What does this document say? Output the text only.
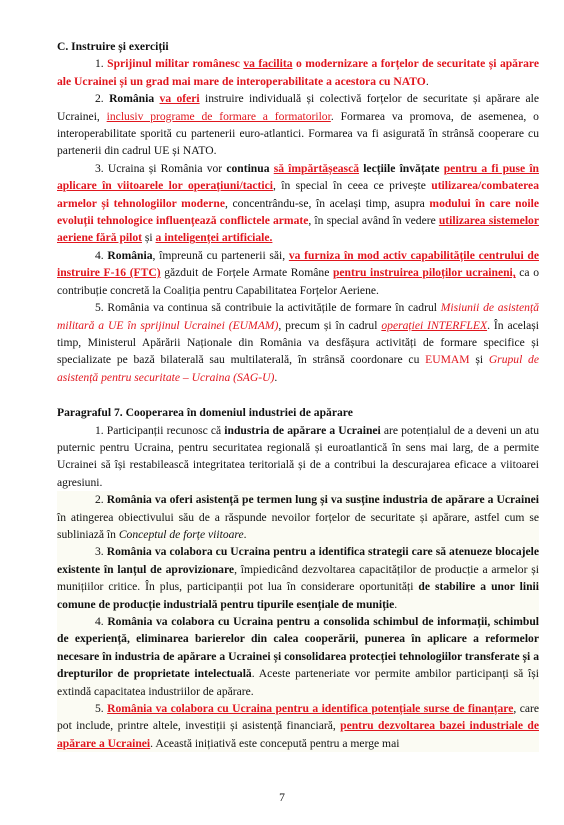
C. Instruire și exerciții

1. Sprijinul militar românesc va facilita o modernizare a forțelor de securitate și apărare ale Ucrainei și un grad mai mare de interoperabilitate a acestora cu NATO.

2. România va oferi instruire individuală și colectivă forțelor de securitate și apărare ale Ucrainei, inclusiv programe de formare a formatorilor. Formarea va promova, de asemenea, o interoperabilitate sporită cu partenerii euro-atlantici. Formarea va fi asigurată în strânsă cooperare cu partenerii din cadrul UE și NATO.

3. Ucraina și România vor continua să împărtășească lecțiile învățate pentru a fi puse în aplicare în viitoarele lor operațiuni/tactici, în special în ceea ce privește utilizarea/combaterea armelor și tehnologiilor moderne, concentrându-se, în același timp, asupra modului în care noile evoluții tehnologice influențează conflictele armate, în special având în vedere utilizarea sistemelor aeriene fără pilot și a inteligenței artificiale.

4. România, împreună cu partenerii săi, va furniza în mod activ capabilitățile centrului de instruire F-16 (FTC) găzduit de Forțele Armate Române pentru instruirea piloților ucraineni, ca o contribuție concretă la Coaliția pentru Capabilitatea Forțelor Aeriene.

5. România va continua să contribuie la activitățile de formare în cadrul Misiunii de asistență militară a UE în sprijinul Ucrainei (EUMAM), precum și în cadrul operației INTERFLEX. În același timp, Ministerul Apărării Naționale din România va desfășura activități de formare specifice și specializate pe bază bilaterală sau multilaterală, în strânsă coordonare cu EUMAM și Grupul de asistență pentru securitate – Ucraina (SAG-U).

Paragraful 7. Cooperarea în domeniul industriei de apărare

1. Participanții recunosc că industria de apărare a Ucrainei are potențialul de a deveni un atu puternic pentru Ucraina, pentru securitatea regională și euroatlantică în sens mai larg, de a permite Ucrainei să își restabilească integritatea teritorială și de a contribui la descurajarea eficace a viitoarei agresiuni.

2. România va oferi asistență pe termen lung și va susține industria de apărare a Ucrainei în atingerea obiectivului său de a răspunde nevoilor forțelor de securitate și apărare, astfel cum se subliniază în Conceptul de forțe viitoare.

3. România va colabora cu Ucraina pentru a identifica strategii care să atenueze blocajele existente în lanțul de aprovizionare, împiedicând dezvoltarea capacităților de producție a armelor și munițiilor critice. În plus, participanții pot lua în considerare oportunități de stabilire a unor linii comune de producție industrială pentru tipurile esențiale de muniție.

4. România va colabora cu Ucraina pentru a consolida schimbul de informații, schimbul de experiență, eliminarea barierelor din calea cooperării, punerea în aplicare a reformelor necesare în industria de apărare a Ucrainei și consolidarea protecției tehnologiilor transferate și a drepturilor de proprietate intelectuală. Aceste parteneriate vor permite ambilor participanți să își extindă capacitatea industriilor de apărare.

5. România va colabora cu Ucraina pentru a identifica potențiale surse de finanțare, care pot include, printre altele, investiții și asistență financiară, pentru dezvoltarea bazei industriale de apărare a Ucrainei. Această inițiativă este concepută pentru a merge mai

7
